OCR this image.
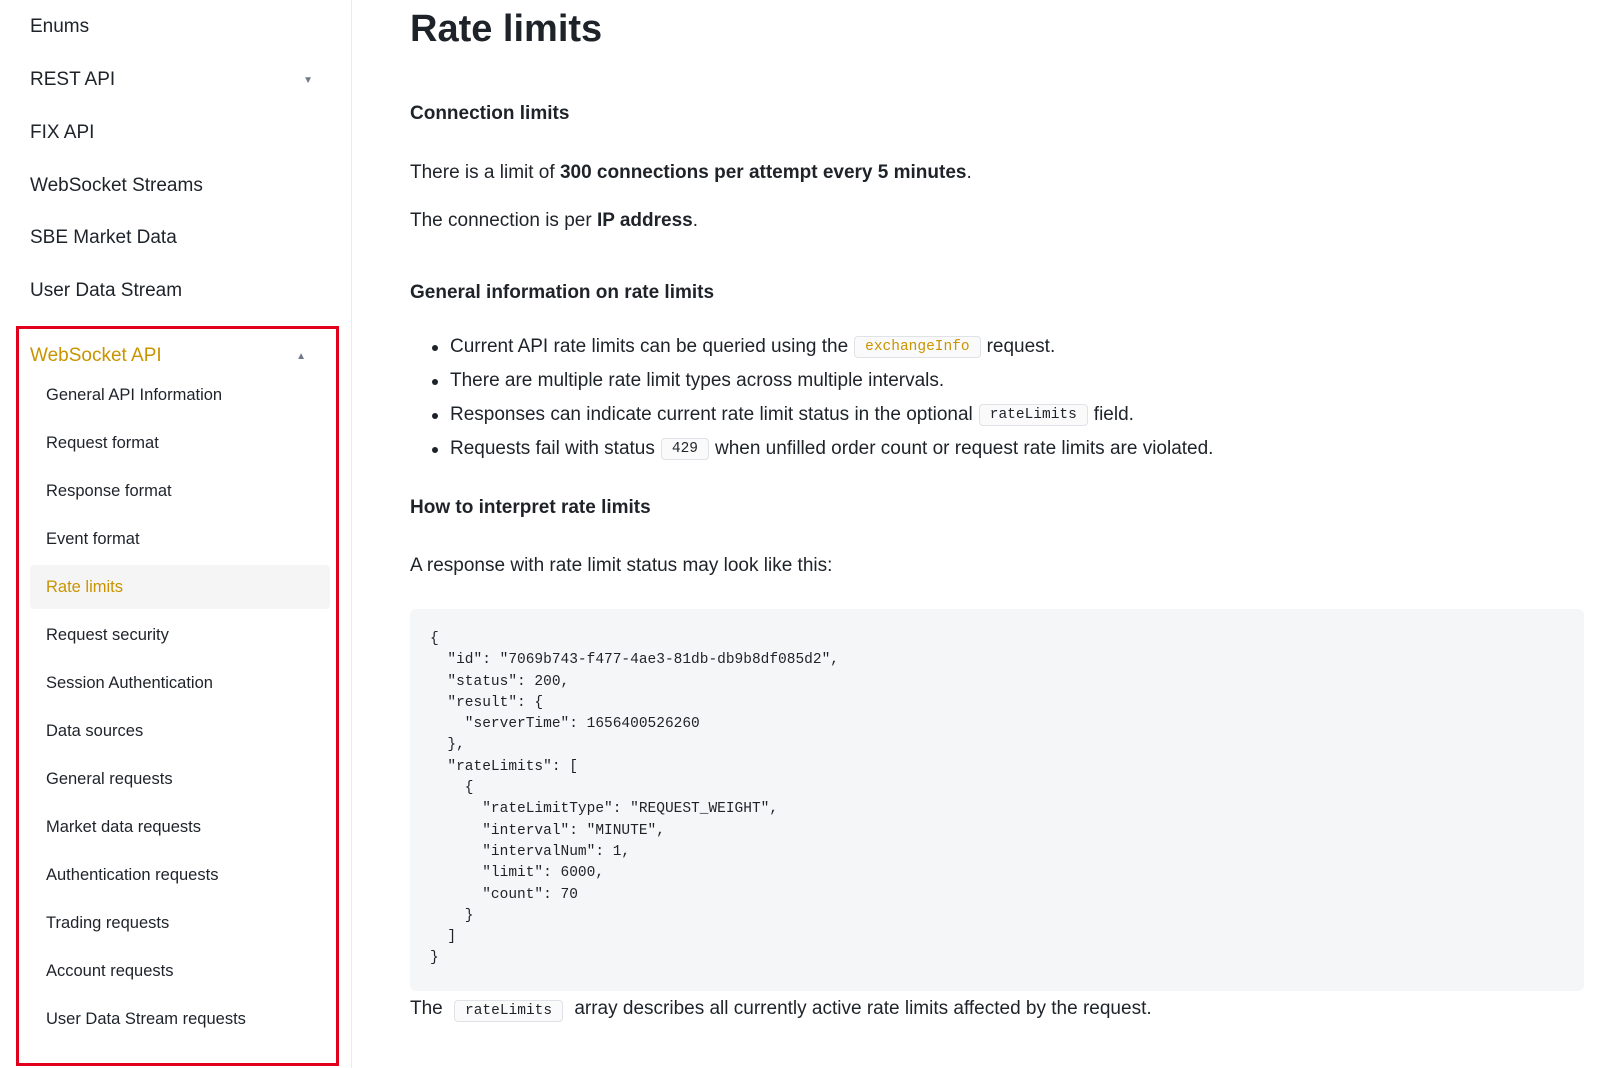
Enums
REST API	▼
FIX API
WebSocket Streams
SBE Market Data
User Data Stream
WebSocket API	▲
General API Information
Request format
Response format
Event format
Rate limits
Request security
Session Authentication
Data sources
General requests
Market data requests
Authentication requests
Trading requests
Account requests
User Data Stream requests
Rate limits
Connection limits

There is a limit of 300 connections per attempt every 5 minutes.

The connection is per IP address.

General information on rate limits
Current API rate limits can be queried using the	exchangeInfo request.
There are multiple rate limit types across multiple intervals.
Responses can indicate current rate limit status in the optional	rateLimits field.
Requests fail with status	429 when unfilled order count or request rate limits are violated.
How to interpret rate limits

A response with rate limit status may look like this:

{
"id": "7069b743-f477-4ae3-81db-db9b8df085d2",
"status": 200,
"result": {
"serverTime": 1656400526260
},
"rateLimits": [
{
"rateLimitType": "REQUEST_WEIGHT",
"interval": "MINUTE",
"intervalNum": 1,
"limit": 6000,
"count": 70
}
]
}

The rateLimits array describes all currently active rate limits affected by the request.
